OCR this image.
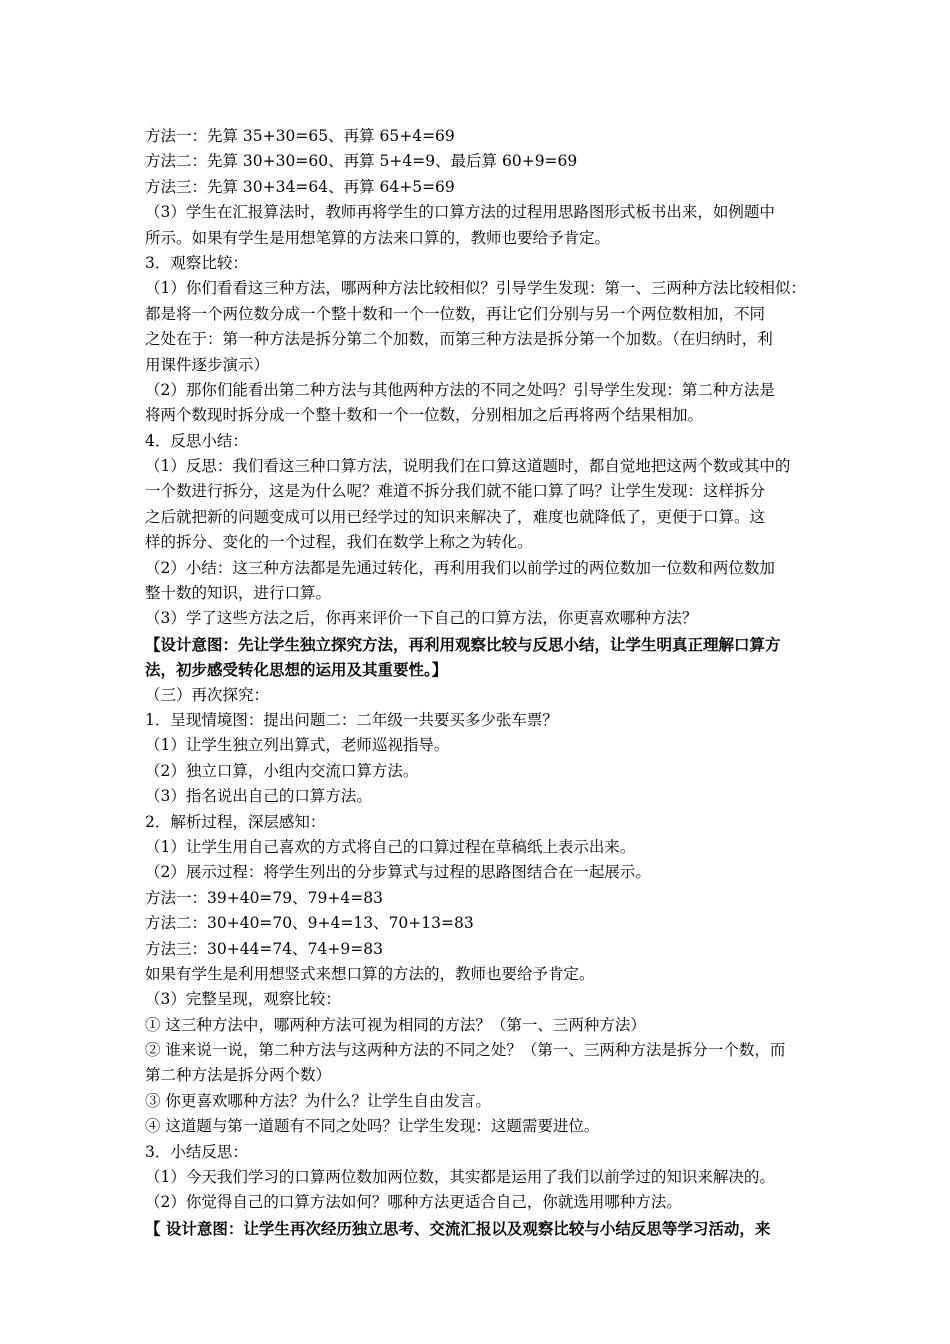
方法一：先算 35+30=65、再算 65+4=69
方法二：先算 30+30=60、再算 5+4=9、最后算 60+9=69
方法三：先算 30+34=64、再算 64+5=69
（3）学生在汇报算法时，教师再将学生的口算方法的过程用思路图形式板书出来，如例题中
所示。如果有学生是用想笔算的方法来口算的，教师也要给予肯定。
3．观察比较：
（1）你们看看这三种方法，哪两种方法比较相似？引导学生发现：第一、三两种方法比较相似：
都是将一个两位数分成一个整十数和一个一位数，再让它们分别与另一个两位数相加，不同
之处在于：第一种方法是拆分第二个加数，而第三种方法是拆分第一个加数。（在归纳时，利
用课件逐步演示）
（2）那你们能看出第二种方法与其他两种方法的不同之处吗？引导学生发现：第二种方法是
将两个数现时拆分成一个整十数和一个一位数，分别相加之后再将两个结果相加。
4．反思小结：
（1）反思：我们看这三种口算方法，说明我们在口算这道题时，都自觉地把这两个数或其中的
一个数进行拆分，这是为什么呢？难道不拆分我们就不能口算了吗？让学生发现：这样拆分
之后就把新的问题变成可以用已经学过的知识来解决了，难度也就降低了，更便于口算。这
样的拆分、变化的一个过程，我们在数学上称之为转化。
（2）小结：这三种方法都是先通过转化，再利用我们以前学过的两位数加一位数和两位数加
整十数的知识，进行口算。
（3）学了这些方法之后，你再来评价一下自己的口算方法，你更喜欢哪种方法？
【设计意图：先让学生独立探究方法，再利用观察比较与反思小结，让学生明真正理解口算方
法，初步感受转化思想的运用及其重要性。】
（三）再次探究：
1．呈现情境图：提出问题二：二年级一共要买多少张车票？
（1）让学生独立列出算式，老师巡视指导。
（2）独立口算，小组内交流口算方法。
（3）指名说出自己的口算方法。
2．解析过程，深层感知：
（1）让学生用自己喜欢的方式将自己的口算过程在草稿纸上表示出来。
（2）展示过程：将学生列出的分步算式与过程的思路图结合在一起展示。
方法一：39+40=79、79+4=83
方法二：30+40=70、9+4=13、70+13=83
方法三：30+44=74、74+9=83
如果有学生是利用想竖式来想口算的方法的，教师也要给予肯定。
（3）完整呈现，观察比较：
① 这三种方法中，哪两种方法可视为相同的方法？（第一、三两种方法）
② 谁来说一说，第二种方法与这两种方法的不同之处？（第一、三两种方法是拆分一个数，而
第二种方法是拆分两个数）
③ 你更喜欢哪种方法？为什么？让学生自由发言。
④ 这道题与第一道题有不同之处吗？让学生发现：这题需要进位。
3．小结反思：
（1）今天我们学习的口算两位数加两位数，其实都是运用了我们以前学过的知识来解决的。
（2）你觉得自己的口算方法如何？哪种方法更适合自己，你就选用哪种方法。
【 设计意图：让学生再次经历独立思考、交流汇报以及观察比较与小结反思等学习活动，来
